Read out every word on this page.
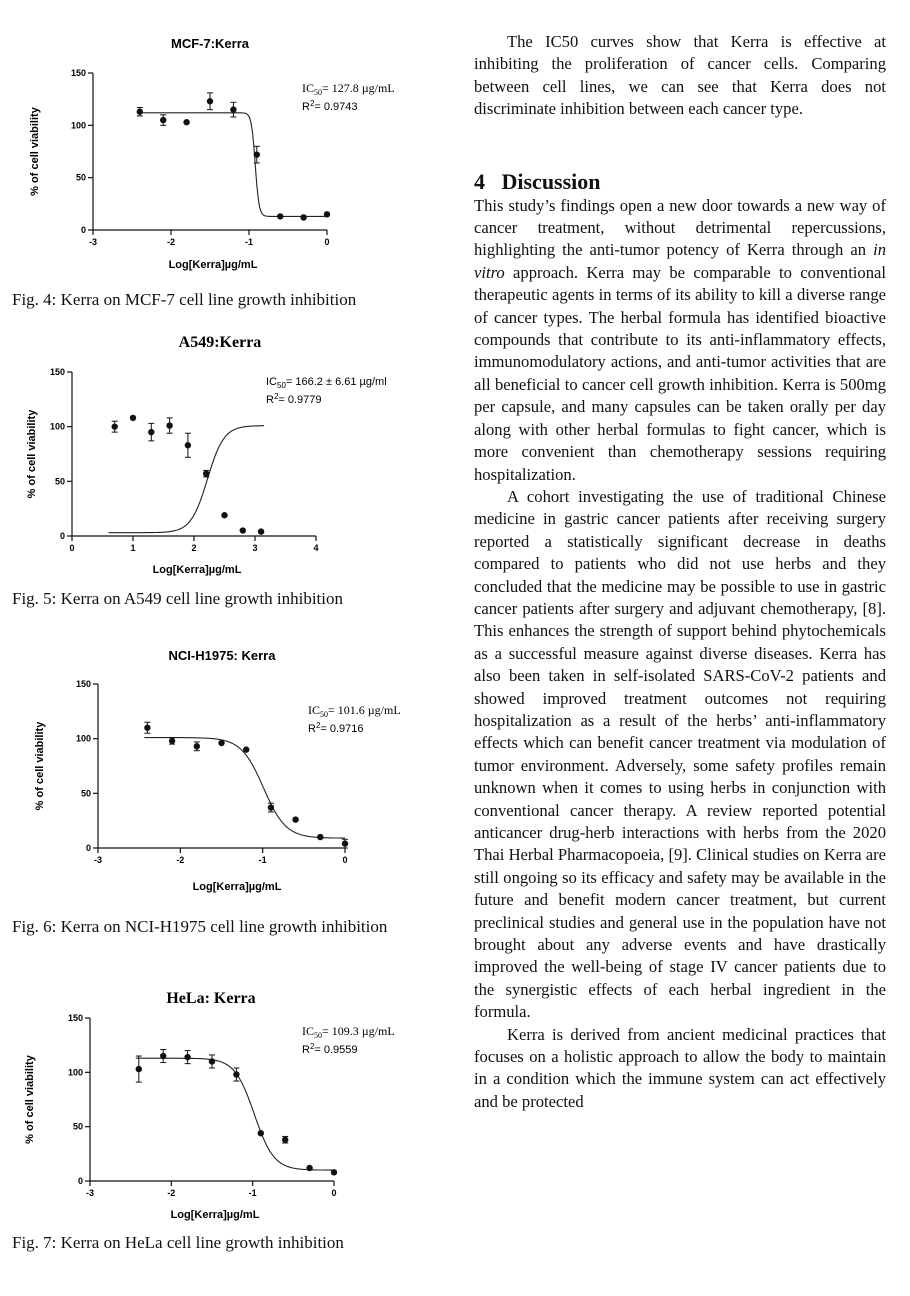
MCF-7:Kerra
0
50
100
150
-3	-2	-1	0
Log[Kerra]µg/mL
% of cell viability
$IC_{50}= 127.8$ µg/mL
$R^2= 0.9743$
Fig. 4: Kerra on MCF-7 cell line growth inhibition
A549:Kerra
0
50
100
150
0	1	2	3	4
Log[Kerra]µg/mL
% of cell viability
$IC_{50}= 166.2 \pm 6.61$ µg/ml
$R^2= 0.9779$
Fig. 5: Kerra on A549 cell line growth inhibition
NCI-H1975: Kerra
0
50
100
150
-3	-2	-1	0
Log[Kerra]µg/mL
% of cell viability
$IC_{50}= 101.6$ µg/mL
$R^2= 0.9716$
Fig. 6: Kerra on NCI-H1975 cell line growth inhibition
HeLa: Kerra
0
50
100
150
-3	-2	-1	0
Log[Kerra]µg/mL
% of cell viability
$IC_{50}= 109.3$ µg/mL
$R^2= 0.9559$
Fig. 7: Kerra on HeLa cell line growth inhibition

The IC50 curves show that Kerra is effective at inhibiting the proliferation of cancer cells. Comparing between cell lines, we can see that Kerra does not discriminate inhibition between each cancer type.

4 Discussion

This study’s findings open a new door towards a new way of cancer treatment, without detrimental repercussions, highlighting the anti-tumor potency of Kerra through an in vitro approach. Kerra may be comparable to conventional therapeutic agents in terms of its ability to kill a diverse range of cancer types. The herbal formula has identified bioactive compounds that contribute to its anti-inflammatory effects, immunomodulatory actions, and anti-tumor activities that are all beneficial to cancer cell growth inhibition. Kerra is 500mg per capsule, and many capsules can be taken orally per day along with other herbal formulas to fight cancer, which is more convenient than chemotherapy sessions requiring hospitalization.

A cohort investigating the use of traditional Chinese medicine in gastric cancer patients after receiving surgery reported a statistically significant decrease in deaths compared to patients who did not use herbs and they concluded that the medicine may be possible to use in gastric cancer patients after surgery and adjuvant chemotherapy, [8]. This enhances the strength of support behind phytochemicals as a successful measure against diverse diseases. Kerra has also been taken in self-isolated SARS-CoV-2 patients and showed improved treatment outcomes not requiring hospitalization as a result of the herbs’ anti-inflammatory effects which can benefit cancer treatment via modulation of tumor environment. Adversely, some safety profiles remain unknown when it comes to using herbs in conjunction with conventional cancer therapy. A review reported potential anticancer drug-herb interactions with herbs from the 2020 Thai Herbal Pharmacopoeia, [9]. Clinical studies on Kerra are still ongoing so its efficacy and safety may be available in the future and benefit modern cancer treatment, but current preclinical studies and general use in the population have not brought about any adverse events and have drastically improved the well-being of stage IV cancer patients due to the synergistic effects of each herbal ingredient in the formula.

Kerra is derived from ancient medicinal practices that focuses on a holistic approach to allow the body to maintain in a condition which the immune system can act effectively and be protected
